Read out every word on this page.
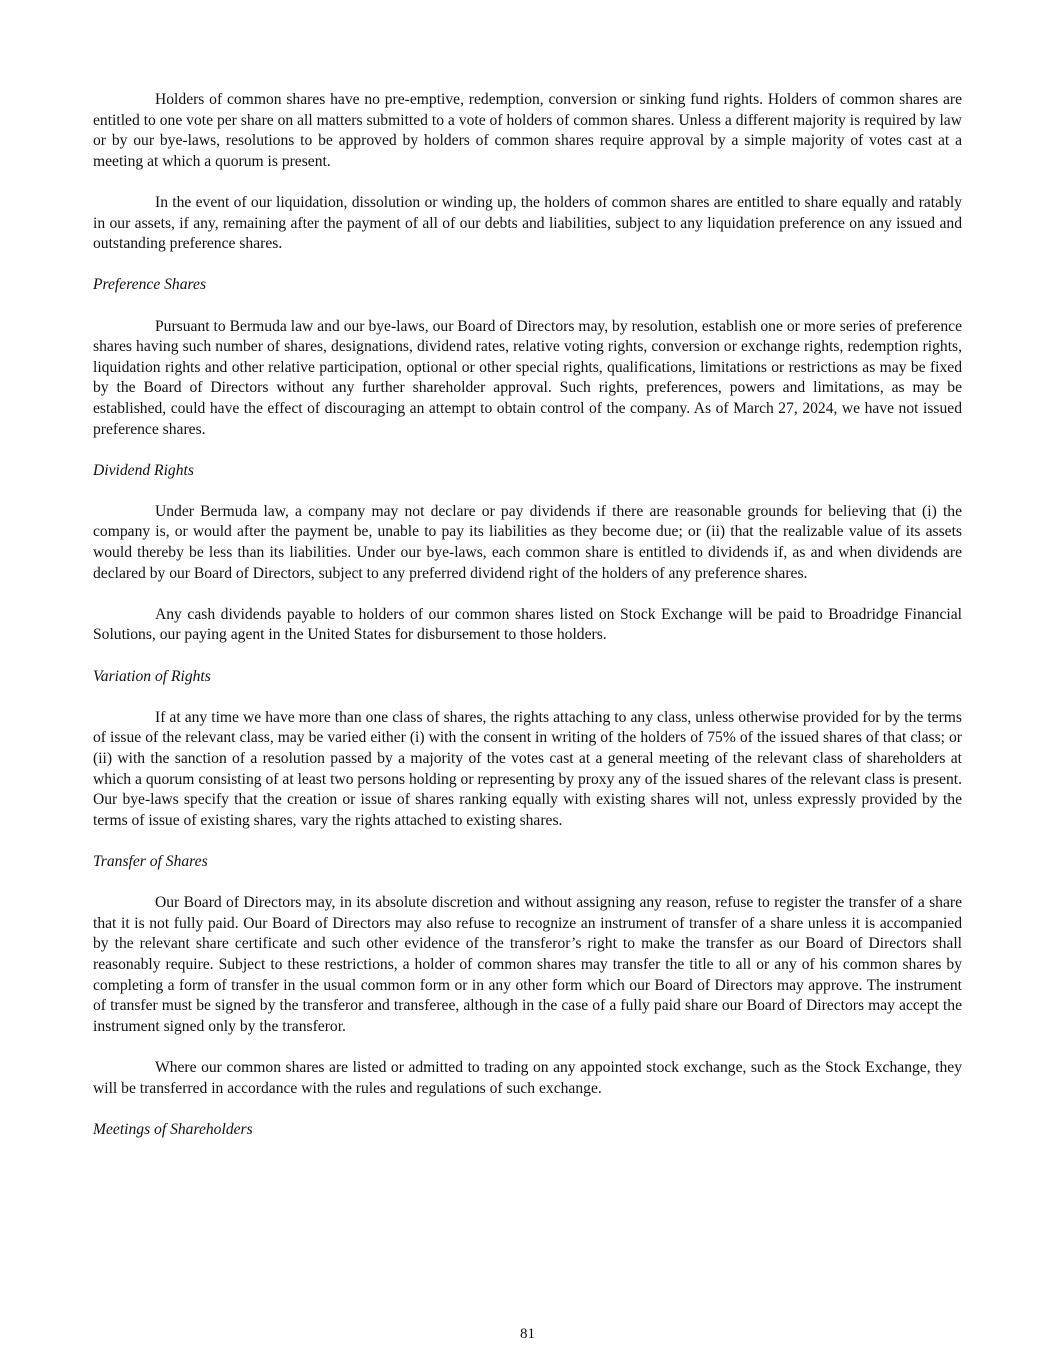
Holders of common shares have no pre-emptive, redemption, conversion or sinking fund rights. Holders of common shares are entitled to one vote per share on all matters submitted to a vote of holders of common shares. Unless a different majority is required by law or by our bye-laws, resolutions to be approved by holders of common shares require approval by a simple majority of votes cast at a meeting at which a quorum is present.

In the event of our liquidation, dissolution or winding up, the holders of common shares are entitled to share equally and ratably in our assets, if any, remaining after the payment of all of our debts and liabilities, subject to any liquidation preference on any issued and outstanding preference shares.

Preference Shares

Pursuant to Bermuda law and our bye-laws, our Board of Directors may, by resolution, establish one or more series of preference shares having such number of shares, designations, dividend rates, relative voting rights, conversion or exchange rights, redemption rights, liquidation rights and other relative participation, optional or other special rights, qualifications, limitations or restrictions as may be fixed by the Board of Directors without any further shareholder approval. Such rights, preferences, powers and limitations, as may be established, could have the effect of discouraging an attempt to obtain control of the company. As of March 27, 2024, we have not issued preference shares.

Dividend Rights

Under Bermuda law, a company may not declare or pay dividends if there are reasonable grounds for believing that (i) the company is, or would after the payment be, unable to pay its liabilities as they become due; or (ii) that the realizable value of its assets would thereby be less than its liabilities. Under our bye-laws, each common share is entitled to dividends if, as and when dividends are declared by our Board of Directors, subject to any preferred dividend right of the holders of any preference shares.

Any cash dividends payable to holders of our common shares listed on Stock Exchange will be paid to Broadridge Financial Solutions, our paying agent in the United States for disbursement to those holders.

Variation of Rights

If at any time we have more than one class of shares, the rights attaching to any class, unless otherwise provided for by the terms of issue of the relevant class, may be varied either (i) with the consent in writing of the holders of 75% of the issued shares of that class; or (ii) with the sanction of a resolution passed by a majority of the votes cast at a general meeting of the relevant class of shareholders at which a quorum consisting of at least two persons holding or representing by proxy any of the issued shares of the relevant class is present. Our bye-laws specify that the creation or issue of shares ranking equally with existing shares will not, unless expressly provided by the terms of issue of existing shares, vary the rights attached to existing shares.

Transfer of Shares

Our Board of Directors may, in its absolute discretion and without assigning any reason, refuse to register the transfer of a share that it is not fully paid. Our Board of Directors may also refuse to recognize an instrument of transfer of a share unless it is accompanied by the relevant share certificate and such other evidence of the transferor’s right to make the transfer as our Board of Directors shall reasonably require. Subject to these restrictions, a holder of common shares may transfer the title to all or any of his common shares by completing a form of transfer in the usual common form or in any other form which our Board of Directors may approve. The instrument of transfer must be signed by the transferor and transferee, although in the case of a fully paid share our Board of Directors may accept the instrument signed only by the transferor.

Where our common shares are listed or admitted to trading on any appointed stock exchange, such as the Stock Exchange, they will be transferred in accordance with the rules and regulations of such exchange.

Meetings of Shareholders

81
